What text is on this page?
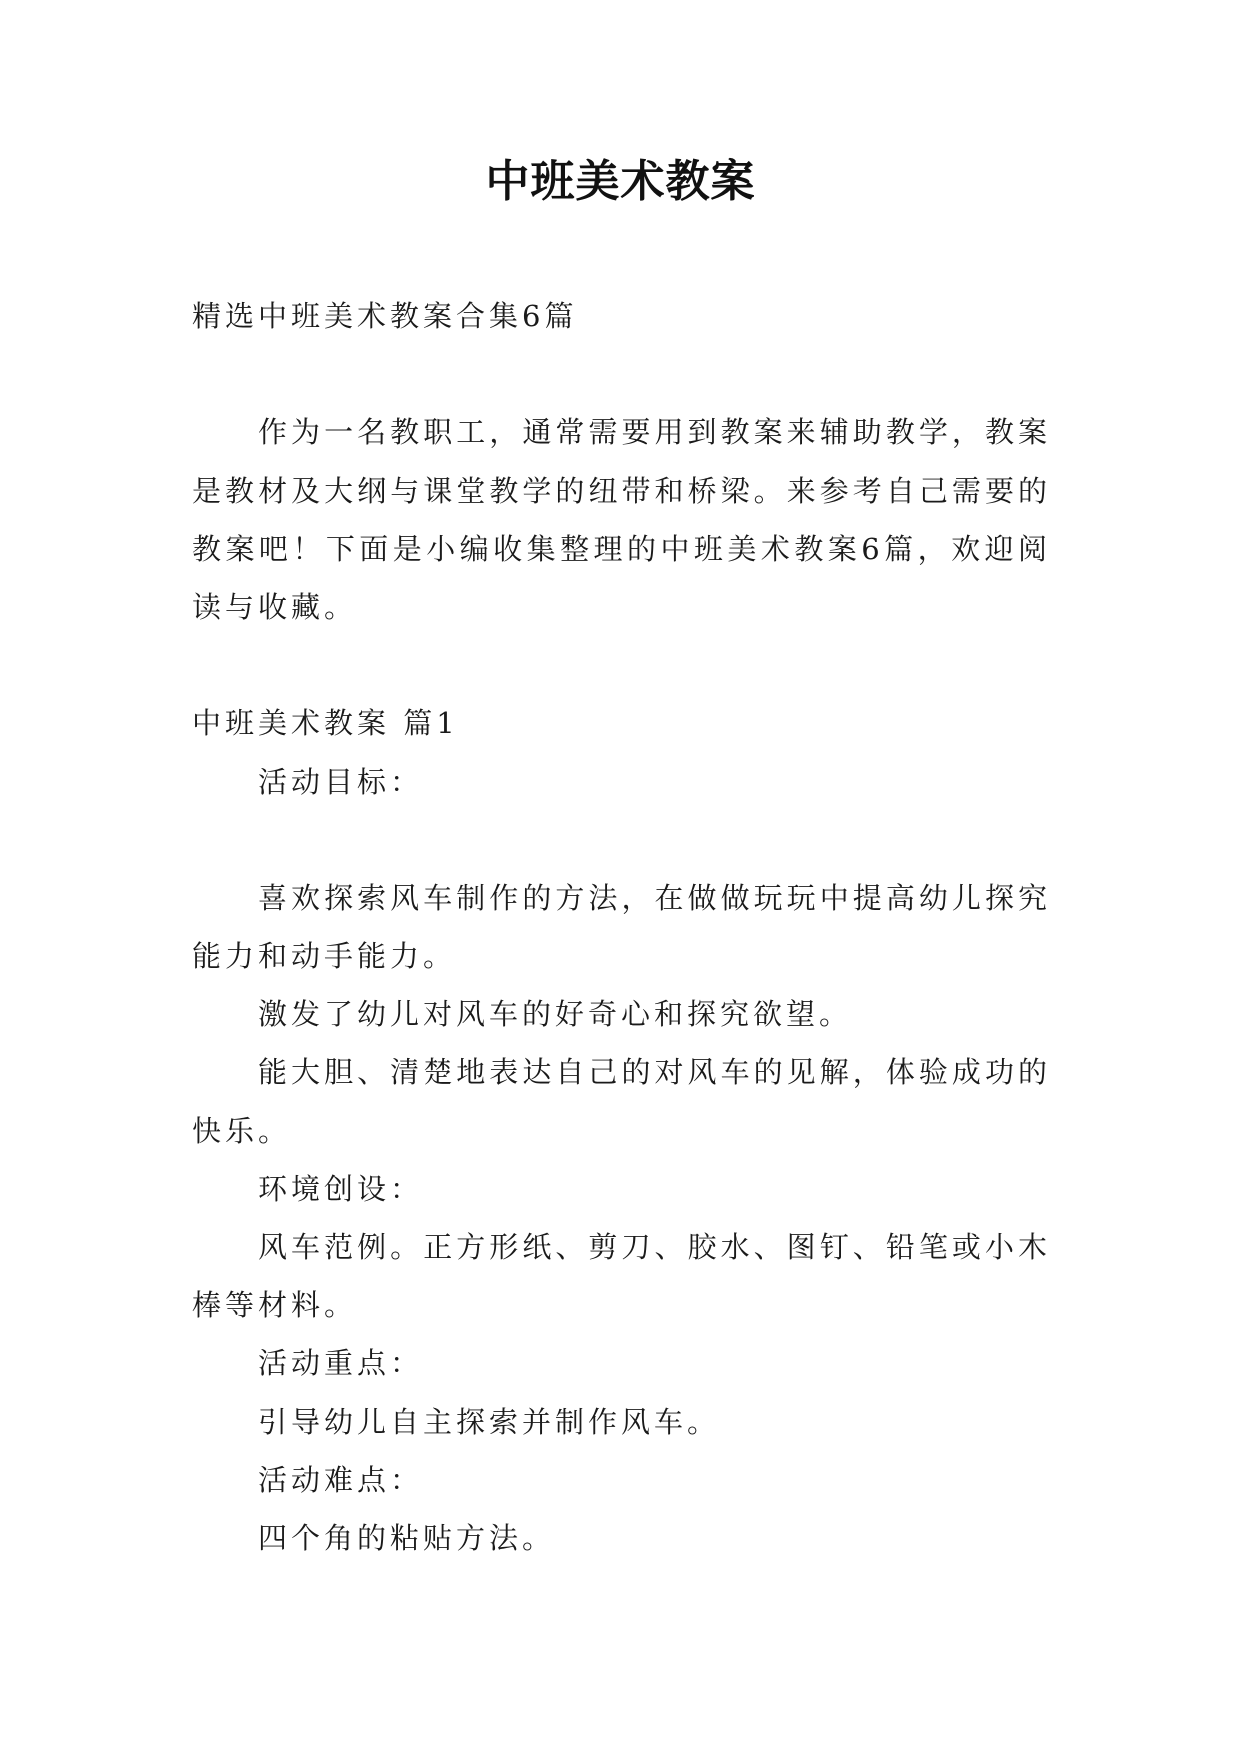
中班美术教案
精选中班美术教案合集6篇
作为一名教职工，通常需要用到教案来辅助教学，教案
是教材及大纲与课堂教学的纽带和桥梁。来参考自己需要的
教案吧！下面是小编收集整理的中班美术教案6篇，欢迎阅
读与收藏。
中班美术教案 篇1
活动目标：
喜欢探索风车制作的方法，在做做玩玩中提高幼儿探究
能力和动手能力。
激发了幼儿对风车的好奇心和探究欲望。
能大胆、清楚地表达自己的对风车的见解，体验成功的
快乐。
环境创设：
风车范例。正方形纸、剪刀、胶水、图钉、铅笔或小木
棒等材料。
活动重点：
引导幼儿自主探索并制作风车。
活动难点：
四个角的粘贴方法。
